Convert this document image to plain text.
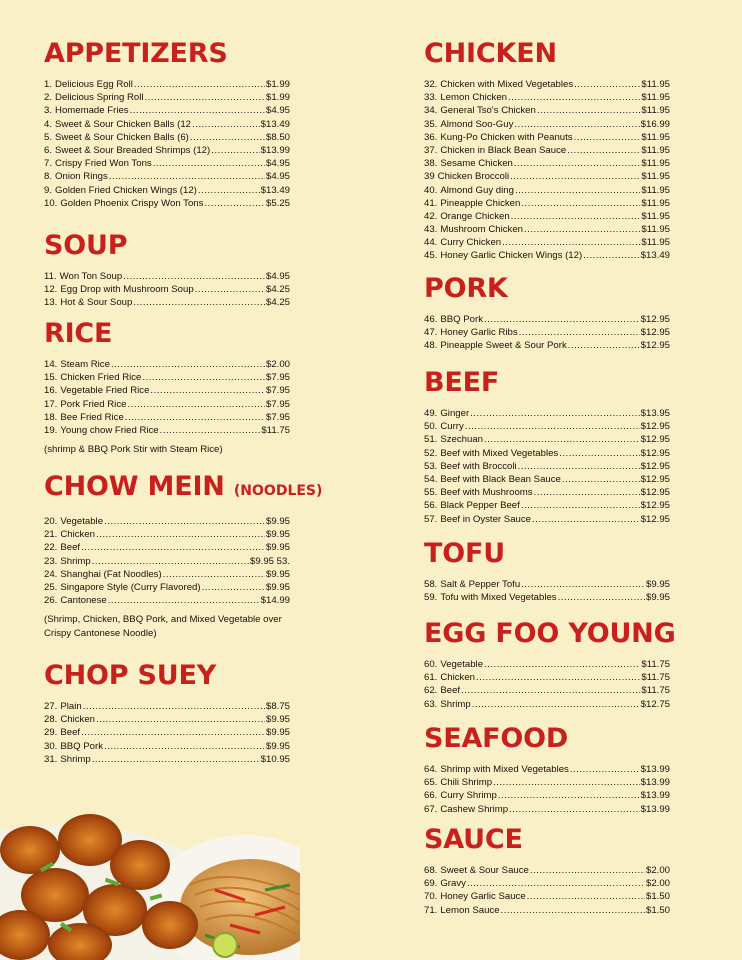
APPETIZERS
1. Delicious Egg Roll .....	$1.99
2. Delicious Spring Roll .....	$1.99
3. Homemade Fries .....	$4.95
4. Sweet & Sour Chicken Balls (12 .....	$13.49
5. Sweet & Sour Chicken Balls (6) .....	$8.50
6. Sweet & Sour Breaded Shrimps (12) .....	$13.99
7. Crispy Fried Won Tons .....	$4.95
8. Onion Rings .....	$4.95
9. Golden Fried Chicken Wings (12) .....	$13.49
10. Golden Phoenix Crispy Won Tons .....	$5.25
SOUP
11. Won Ton Soup .....	$4.95
12. Egg Drop with Mushroom Soup .....	$4.25
13. Hot & Sour Soup .....	$4.25
RICE
14. Steam Rice .....	$2.00
15. Chicken Fried Rice .....	$7.95
16. Vegetable Fried Rice .....	$7.95
17. Pork Fried Rice .....	$7.95
18. Bee Fried Rice .....	$7.95
19. Young chow Fried Rice .....	$11.75
(shrimp & BBQ Pork Stir with Steam Rice)
CHOW MEIN (NOODLES)
20. Vegetable .....	$9.95
21. Chicken .....	$9.95
22. Beef .....	$9.95
23. Shrimp .....	$9.95 53.
24. Shanghai (Fat Noodles) .....	$9.95
25. Singapore Style (Curry Flavored) .....	$9.95
26. Cantonese .....	$14.99
(Shrimp, Chicken, BBQ Pork, and Mixed Vegetable over Crispy Cantonese Noodle)
CHOP SUEY
27. Plain .....	$8.75
28. Chicken .....	$9.95
29. Beef .....	$9.95
30. BBQ Pork .....	$9.95
31. Shrimp .....	$10.95
CHICKEN
32. Chicken with Mixed Vegetables .....	$11.95
33. Lemon Chicken .....	$11.95
34. General Tso's Chicken .....	$11.95
35. Almond Soo-Guy .....	$16.99
36. Kung-Po Chicken with Peanuts .....	$11.95
37. Chicken in Black Bean Sauce .....	$11.95
38. Sesame Chicken .....	$11.95
39 Chicken Broccoli .....	$11.95
40. Almond Guy ding .....	$11.95
41. Pineapple Chicken .....	$11.95
42. Orange Chicken .....	$11.95
43. Mushroom Chicken .....	$11.95
44. Curry Chicken .....	$11.95
45. Honey Garlic Chicken Wings (12) .....	$13.49
PORK
46. BBQ Pork .....	$12.95
47. Honey Garlic Ribs .....	$12.95
48. Pineapple Sweet & Sour Pork .....	$12.95
BEEF
49. Ginger .....	$13.95
50. Curry .....	$12.95
51. Szechuan .....	$12.95
52. Beef with Mixed Vegetables .....	$12.95
53. Beef with Broccoli .....	$12.95
54. Beef with Black Bean Sauce .....	$12.95
55. Beef with Mushrooms .....	$12.95
56. Black Pepper Beef .....	$12.95
57. Beef in Oyster Sauce .....	$12.95
TOFU
58. Salt & Pepper Tofu .....	$9.95
59. Tofu with Mixed Vegetables .....	$9.95
EGG FOO YOUNG
60. Vegetable .....	$11.75
61. Chicken .....	$11.75
62. Beef .....	$11.75
63. Shrimp .....	$12.75
SEAFOOD
64. Shrimp with Mixed Vegetables .....	$13.99
65. Chili Shrimp .....	$13.99
66. Curry Shrimp .....	$13.99
67. Cashew Shrimp .....	$13.99
SAUCE
68. Sweet & Sour Sauce .....	$2.00
69. Gravy .....	$2.00
70. Honey Garlic Sauce .....	$1.50
71. Lemon Sauce .....	$1.50
